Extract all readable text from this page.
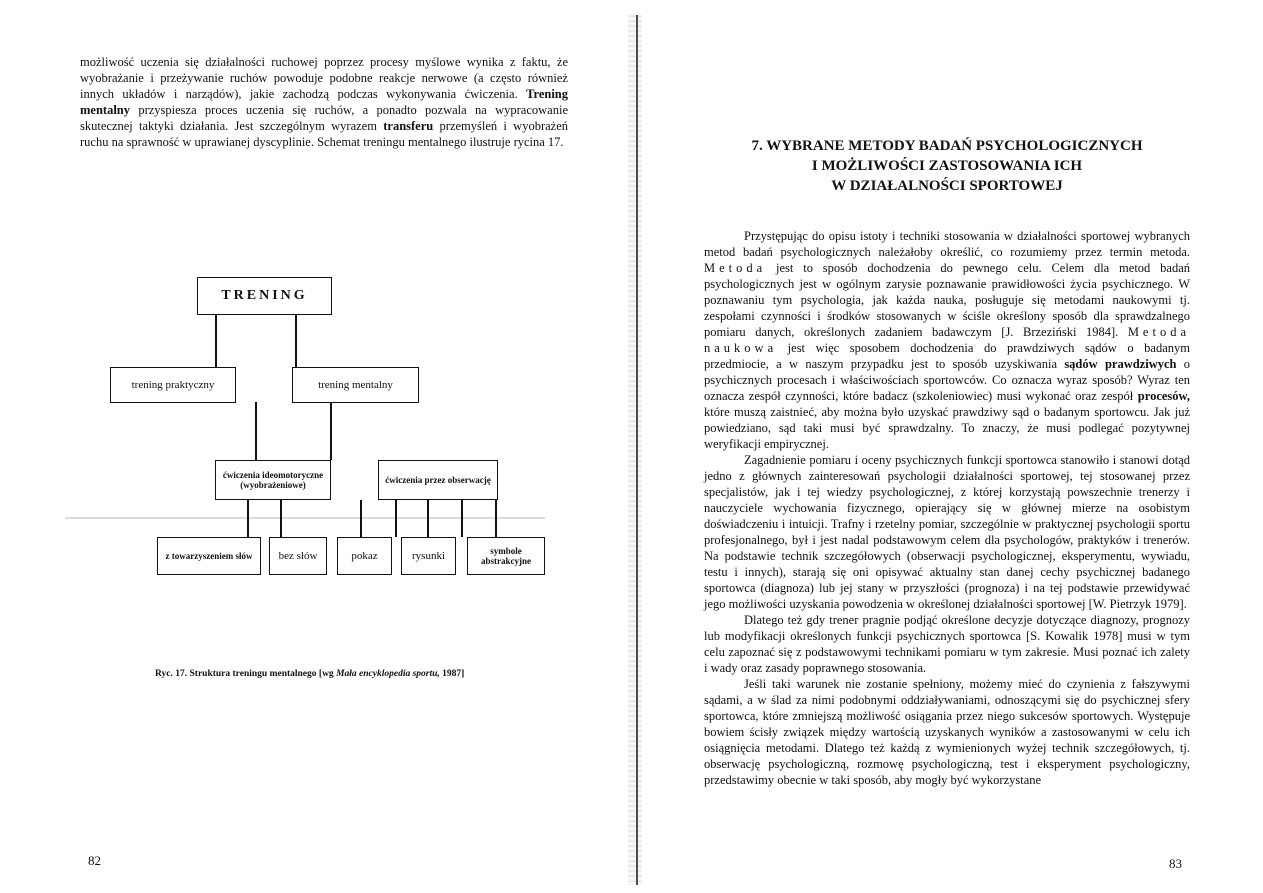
możliwość uczenia się działalności ruchowej poprzez procesy myślowe wynika z faktu, że wyobrażanie i przeżywanie ruchów powoduje podobne reakcje nerwowe (a często również innych układów i narządów), jakie zachodzą podczas wykonywania ćwiczenia. Trening mentalny przyspiesza proces uczenia się ruchów, a ponadto pozwala na wypracowanie skutecznej taktyki działania. Jest szczególnym wyrazem transferu przemyśleń i wyobrażeń ruchu na sprawność w uprawianej dyscyplinie. Schemat treningu mentalnego ilustruje rycina 17.

TRENING
trening praktyczny	trening mentalny
ćwiczenia ideomotoryczne (wyobrażeniowe)	ćwiczenia przez obserwację
z towarzyszeniem słów	bez słów	pokaz	rysunki	symbole abstrakcyjne

Ryc. 17. Struktura treningu mentalnego [wg Mała encyklopedia sportu, 1987]

82
7. WYBRANE METODY BADAŃ PSYCHOLOGICZNYCH
I MOŻLIWOŚCI ZASTOSOWANIA ICH
W DZIAŁALNOŚCI SPORTOWEJ

Przystępując do opisu istoty i techniki stosowania w działalności sportowej wybranych metod badań psychologicznych należałoby określić, co rozumiemy przez termin metoda. Metoda jest to sposób dochodzenia do pewnego celu. Celem dla metod badań psychologicznych jest w ogólnym zarysie poznawanie prawidłowości życia psychicznego. W poznawaniu tym psychologia, jak każda nauka, posługuje się metodami naukowymi tj. zespołami czynności i środków stosowanych w ściśle określony sposób dla sprawdzalnego pomiaru danych, określonych zadaniem badawczym [J. Brzeziński 1984]. Metoda naukowa jest więc sposobem dochodzenia do prawdziwych sądów o badanym przedmiocie, a w naszym przypadku jest to sposób uzyskiwania sądów prawdziwych o psychicznych procesach i właściwościach sportowców. Co oznacza wyraz sposób? Wyraz ten oznacza zespół czynności, które badacz (szkoleniowiec) musi wykonać oraz zespół procesów, które muszą zaistnieć, aby można było uzyskać prawdziwy sąd o badanym sportowcu. Jak już powiedziano, sąd taki musi być sprawdzalny. To znaczy, że musi podlegać pozytywnej weryfikacji empirycznej.

Zagadnienie pomiaru i oceny psychicznych funkcji sportowca stanowiło i stanowi dotąd jedno z głównych zainteresowań psychologii działalności sportowej, tej stosowanej przez specjalistów, jak i tej wiedzy psychologicznej, z której korzystają powszechnie trenerzy i nauczyciele wychowania fizycznego, opierający się w głównej mierze na osobistym doświadczeniu i intuicji. Trafny i rzetelny pomiar, szczególnie w praktycznej psychologii sportu profesjonalnego, był i jest nadal podstawowym celem dla psychologów, praktyków i trenerów. Na podstawie technik szczegółowych (obserwacji psychologicznej, eksperymentu, wywiadu, testu i innych), starają się oni opisywać aktualny stan danej cechy psychicznej badanego sportowca (diagnoza) lub jej stany w przyszłości (prognoza) i na tej podstawie przewidywać jego możliwości uzyskania powodzenia w określonej działalności sportowej [W. Pietrzyk 1979].

Dlatego też gdy trener pragnie podjąć określone decyzje dotyczące diagnozy, prognozy lub modyfikacji określonych funkcji psychicznych sportowca [S. Kowalik 1978] musi w tym celu zapoznać się z podstawowymi technikami pomiaru w tym zakresie. Musi poznać ich zalety i wady oraz zasady poprawnego stosowania.

Jeśli taki warunek nie zostanie spełniony, możemy mieć do czynienia z fałszywymi sądami, a w ślad za nimi podobnymi oddziaływaniami, odnoszącymi się do psychicznej sfery sportowca, które zmniejszą możliwość osiągania przez niego sukcesów sportowych. Występuje bowiem ścisły związek między wartością uzyskanych wyników a zastosowanymi w celu ich osiągnięcia metodami. Dlatego też każdą z wymienionych wyżej technik szczegółowych, tj. obserwację psychologiczną, rozmowę psychologiczną, test i eksperyment psychologiczny, przedstawimy obecnie w taki sposób, aby mogły być wykorzystane

83
